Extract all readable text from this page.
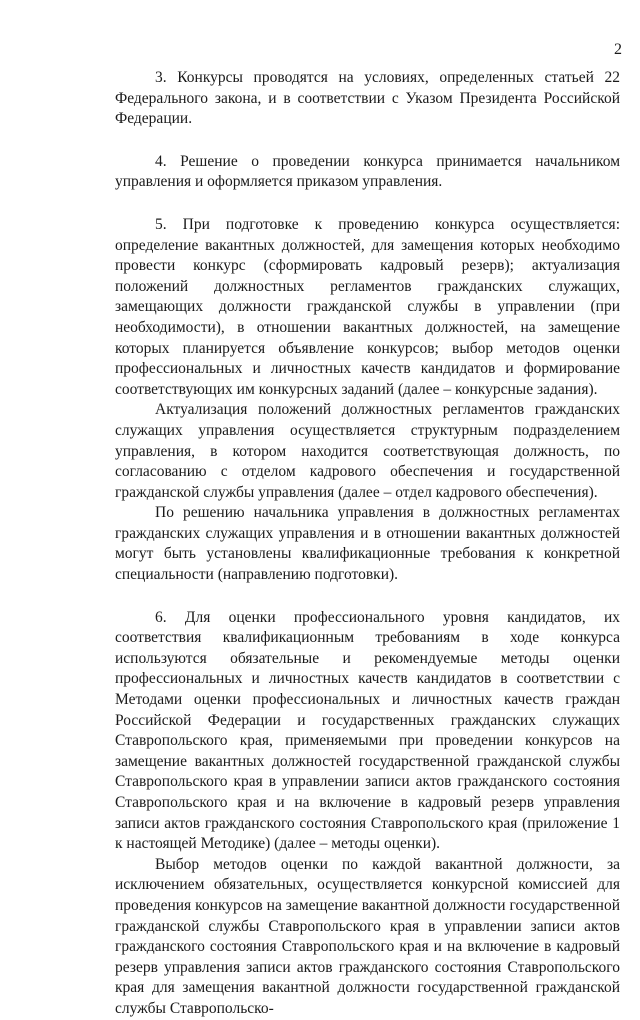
2

3. Конкурсы проводятся на условиях, определенных статьей 22 Федерального закона, и в соответствии с Указом Президента Российской Федерации.

4. Решение о проведении конкурса принимается начальником управления и оформляется приказом управления.

5. При подготовке к проведению конкурса осуществляется: определение вакантных должностей, для замещения которых необходимо провести конкурс (сформировать кадровый резерв); актуализация положений должностных регламентов гражданских служащих, замещающих должности гражданской службы в управлении (при необходимости), в отношении вакантных должностей, на замещение которых планируется объявление конкурсов; выбор методов оценки профессиональных и личностных качеств кандидатов и формирование соответствующих им конкурсных заданий (далее – конкурсные задания).

Актуализация положений должностных регламентов гражданских служащих управления осуществляется структурным подразделением управления, в котором находится соответствующая должность, по согласованию с отделом кадрового обеспечения и государственной гражданской службы управления (далее – отдел кадрового обеспечения).

По решению начальника управления в должностных регламентах гражданских служащих управления и в отношении вакантных должностей могут быть установлены квалификационные требования к конкретной специальности (направлению подготовки).

6. Для оценки профессионального уровня кандидатов, их соответствия квалификационным требованиям в ходе конкурса используются обязательные и рекомендуемые методы оценки профессиональных и личностных качеств кандидатов в соответствии с Методами оценки профессиональных и личностных качеств граждан Российской Федерации и государственных гражданских служащих Ставропольского края, применяемыми при проведении конкурсов на замещение вакантных должностей государственной гражданской службы Ставропольского края в управлении записи актов гражданского состояния Ставропольского края и на включение в кадровый резерв управления записи актов гражданского состояния Ставропольского края (приложение 1 к настоящей Методике) (далее – методы оценки).

Выбор методов оценки по каждой вакантной должности, за исключением обязательных, осуществляется конкурсной комиссией для проведения конкурсов на замещение вакантной должности государственной гражданской службы Ставропольского края в управлении записи актов гражданского состояния Ставропольского края и на включение в кадровый резерв управления записи актов гражданского состояния Ставропольского края для замещения вакантной должности государственной гражданской службы Ставропольско-
